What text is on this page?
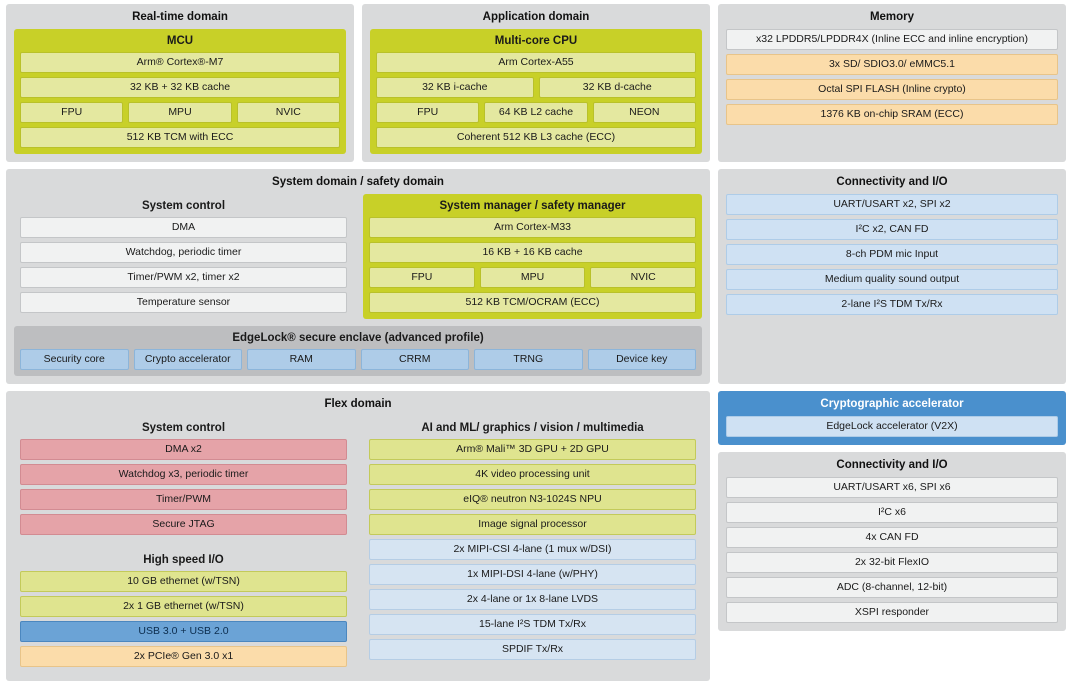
Real-time domain
MCU
Arm® Cortex®-M7
32 KB + 32 KB cache
FPU	MPU	NVIC
512 KB TCM with ECC
Application domain
Multi-core CPU
Arm Cortex-A55
32 KB i-cache	32 KB d-cache
FPU	64 KB L2 cache	NEON
Coherent 512 KB L3 cache (ECC)
Memory
x32 LPDDR5/LPDDR4X (Inline ECC and inline encryption)
3x SD/ SDIO3.0/ eMMC5.1
Octal SPI FLASH (Inline crypto)
1376 KB on-chip SRAM (ECC)
System domain / safety domain
System control
DMA
Watchdog, periodic timer
Timer/PWM x2, timer x2
Temperature sensor
System manager / safety manager
Arm Cortex-M33
16 KB + 16 KB cache
FPU	MPU	NVIC
512 KB TCM/OCRAM (ECC)
EdgeLock® secure enclave (advanced profile)
Security core	Crypto accelerator	RAM	CRRM	TRNG	Device key
Connectivity and I/O
UART/USART x2, SPI x2
I²C x2, CAN FD
8-ch PDM mic Input
Medium quality sound output
2-lane I²S TDM Tx/Rx
Flex domain
System control
DMA x2
Watchdog x3, periodic timer
Timer/PWM
Secure JTAG
High speed I/O
10 GB ethernet (w/TSN)
2x 1 GB ethernet (w/TSN)
USB 3.0 + USB 2.0
2x PCIe® Gen 3.0 x1
AI and ML/ graphics / vision / multimedia
Arm® Mali™ 3D GPU + 2D GPU
4K video processing unit
eIQ® neutron N3-1024S NPU
Image signal processor
2x MIPI-CSI 4-lane (1 mux w/DSI)
1x MIPI-DSI 4-lane (w/PHY)
2x 4-lane or 1x 8-lane LVDS
15-lane I²S TDM Tx/Rx
SPDIF Tx/Rx
Cryptographic accelerator
EdgeLock accelerator (V2X)
Connectivity and I/O
UART/USART x6, SPI x6
I²C x6
4x CAN FD
2x 32-bit FlexIO
ADC (8-channel, 12-bit)
XSPI responder
